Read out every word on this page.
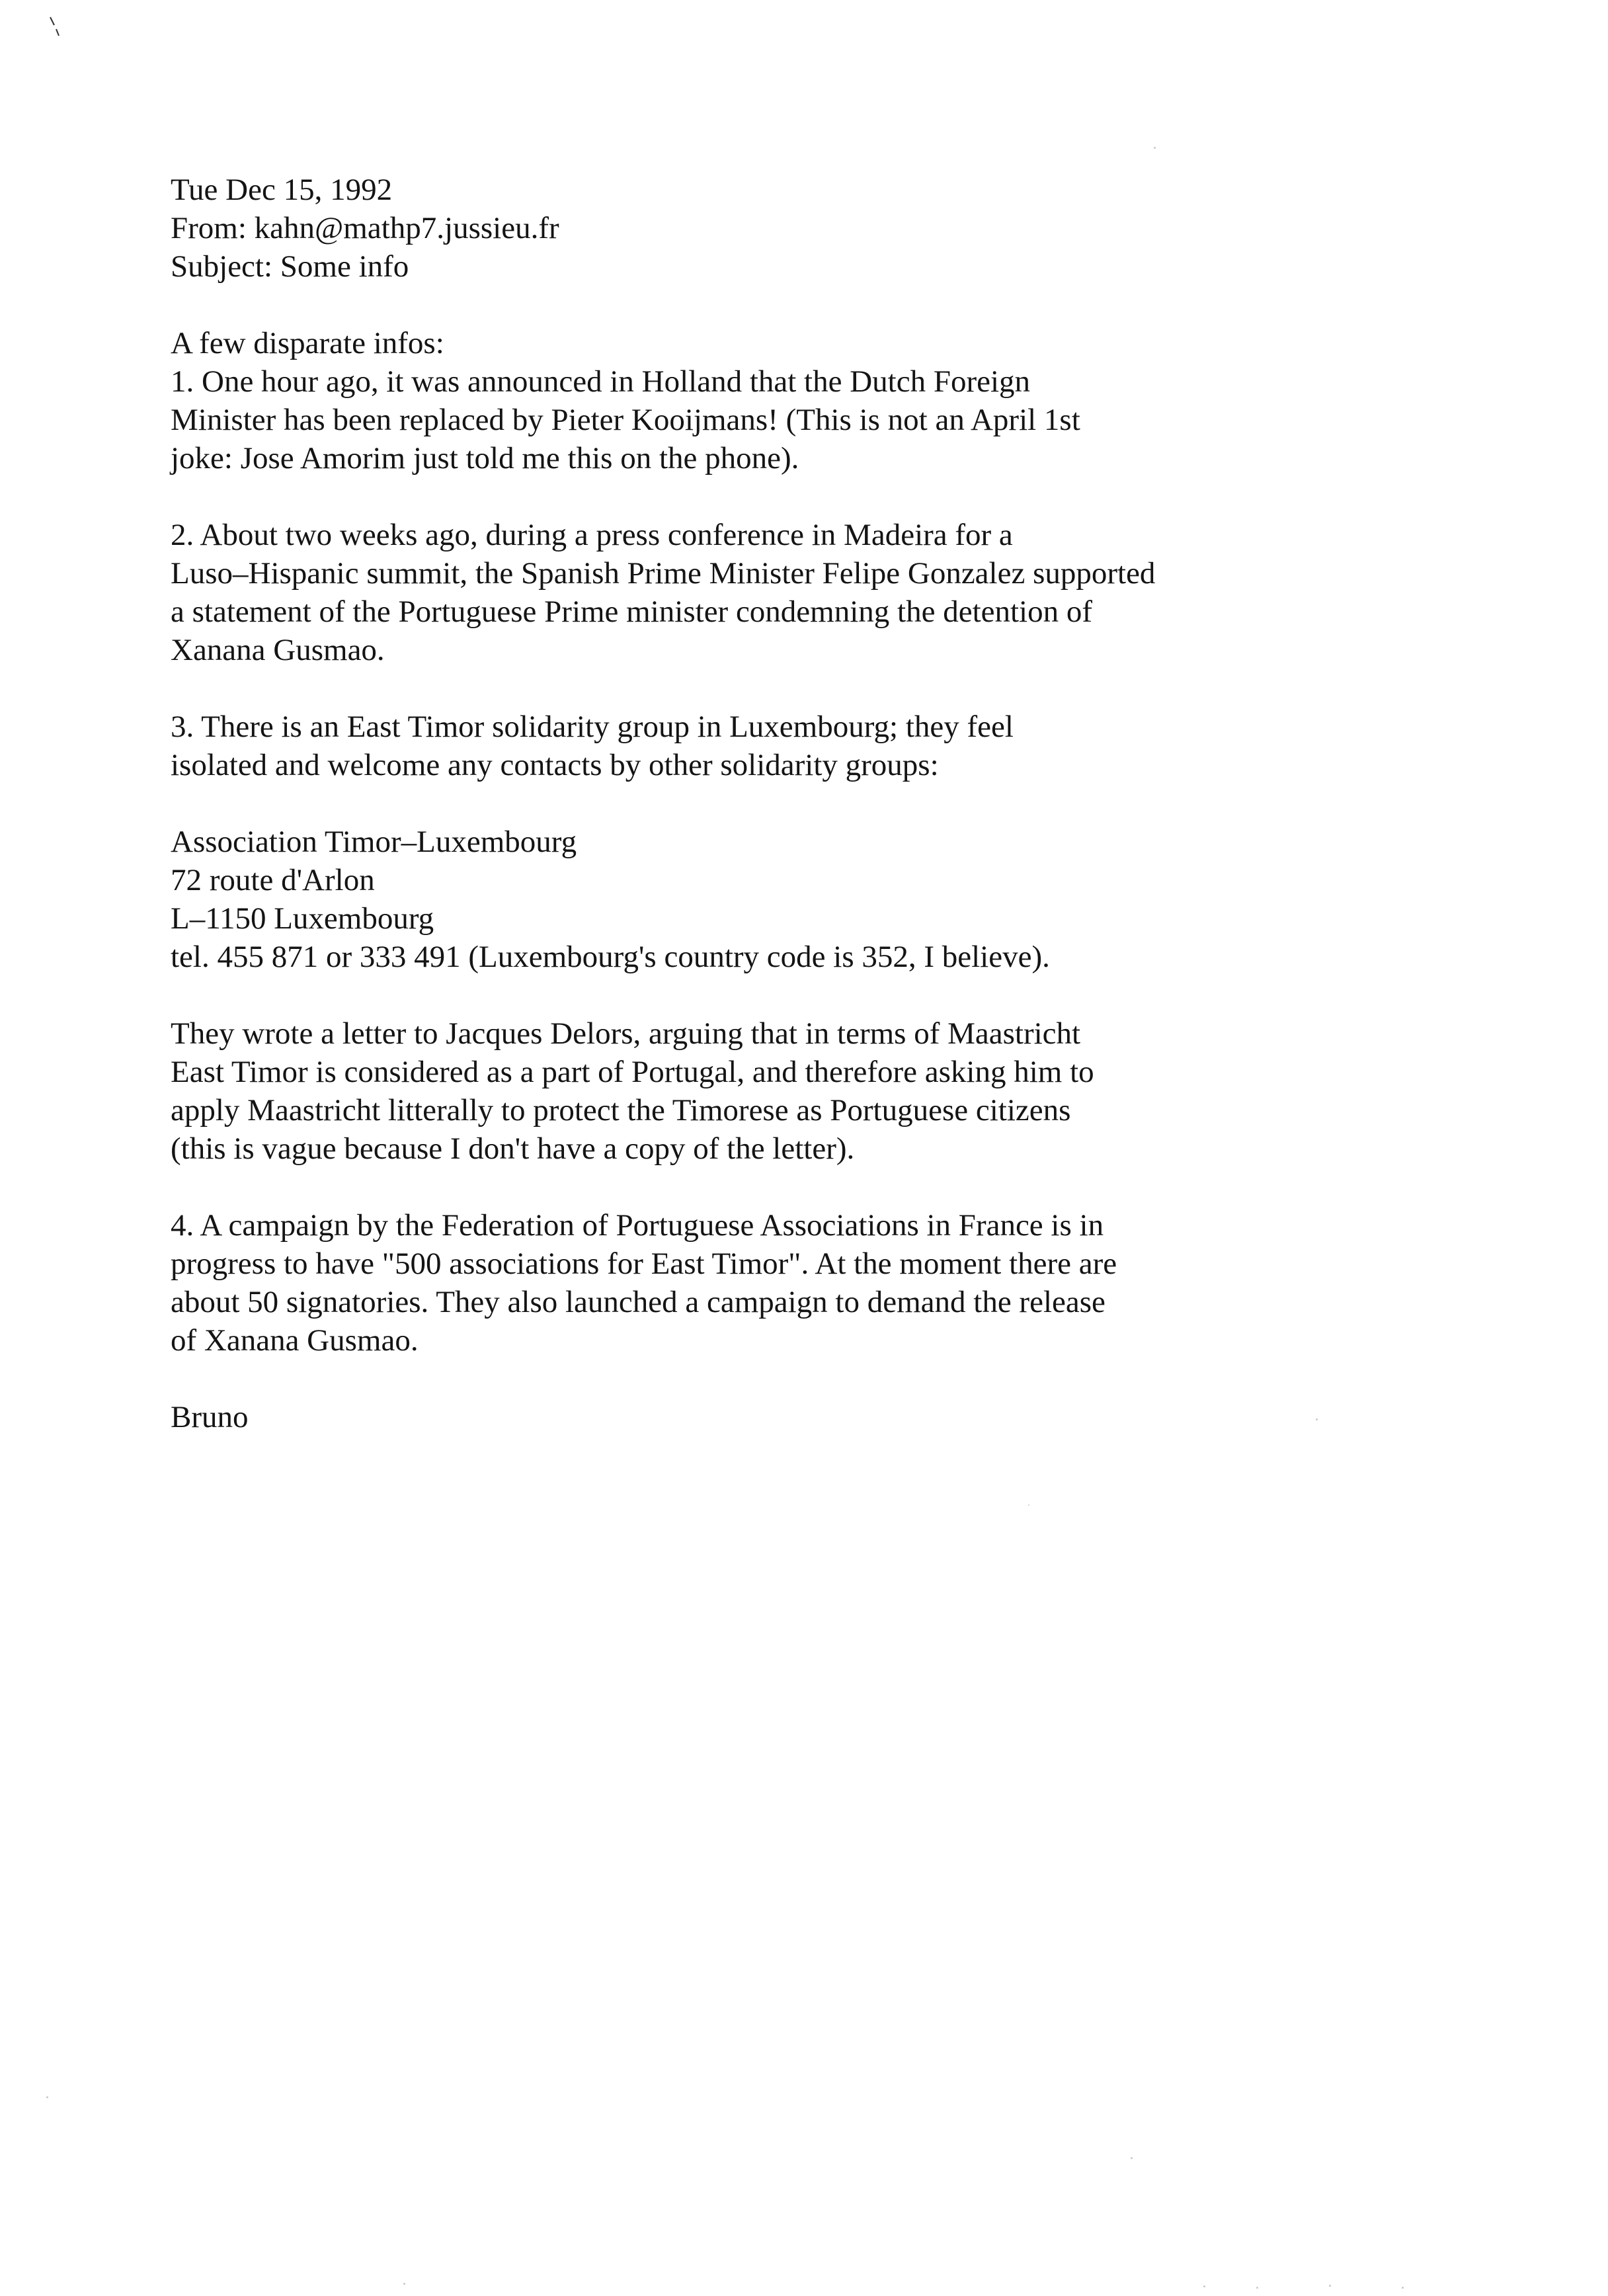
Tue Dec 15, 1992
From: kahn@mathp7.jussieu.fr
Subject: Some info
A few disparate infos:
1. One hour ago, it was announced in Holland that the Dutch Foreign
Minister has been replaced by Pieter Kooijmans! (This is not an April 1st
joke: Jose Amorim just told me this on the phone).
2. About two weeks ago, during a press conference in Madeira for a
Luso–Hispanic summit, the Spanish Prime Minister Felipe Gonzalez supported
a statement of the Portuguese Prime minister condemning the detention of
Xanana Gusmao.
3. There is an East Timor solidarity group in Luxembourg; they feel
isolated and welcome any contacts by other solidarity groups:
Association Timor–Luxembourg
72 route d'Arlon
L–1150 Luxembourg
tel. 455 871 or 333 491 (Luxembourg's country code is 352, I believe).
They wrote a letter to Jacques Delors, arguing that in terms of Maastricht
East Timor is considered as a part of Portugal, and therefore asking him to
apply Maastricht litterally to protect the Timorese as Portuguese citizens
(this is vague because I don't have a copy of the letter).
4. A campaign by the Federation of Portuguese Associations in France is in
progress to have "500 associations for East Timor". At the moment there are
about 50 signatories. They also launched a campaign to demand the release
of Xanana Gusmao.
Bruno
